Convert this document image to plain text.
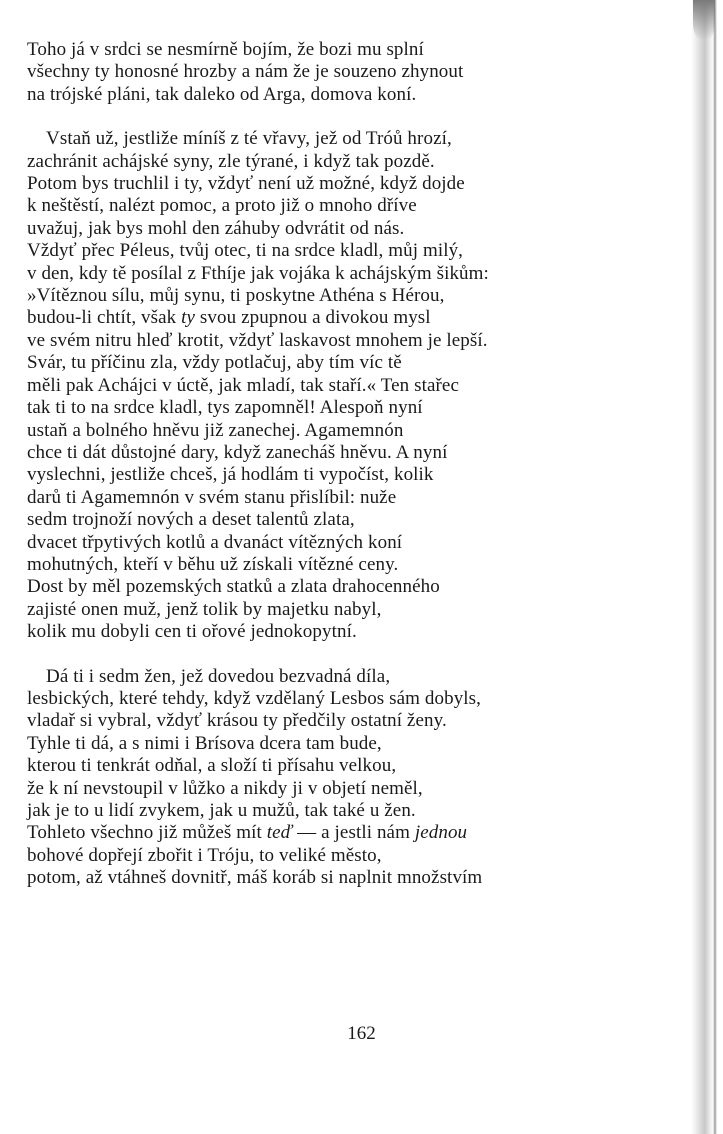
Toho já v srdci se nesmírně bojím, že bozi mu splní
všechny ty honosné hrozby a nám že je souzeno zhynout
na trójské pláni, tak daleko od Arga, domova koní.

Vstaň už, jestliže míníš z té vřavy, jež od Tróů hrozí,
zachránit achájské syny, zle týrané, i když tak pozdě.
Potom bys truchlil i ty, vždyť není už možné, když dojde
k neštěstí, nalézt pomoc, a proto již o mnoho dříve
uvažuj, jak bys mohl den záhuby odvrátit od nás.
Vždyť přec Péleus, tvůj otec, ti na srdce kladl, můj milý,
v den, kdy tě posílal z Fthíje jak vojáka k achájským šikům:
»Vítěznou sílu, můj synu, ti poskytne Athéna s Hérou,
budou-li chtít, však ty svou zpupnou a divokou mysl
ve svém nitru hleď krotit, vždyť laskavost mnohem je lepší.
Svár, tu příčinu zla, vždy potlačuj, aby tím víc tě
měli pak Achájci v úctě, jak mladí, tak staří.« Ten stařec
tak ti to na srdce kladl, tys zapomněl! Alespoň nyní
ustaň a bolného hněvu již zanechej. Agamemnón
chce ti dát důstojné dary, když zanecháš hněvu. A nyní
vyslechni, jestliže chceš, já hodlám ti vypočíst, kolik
darů ti Agamemnón v svém stanu přislíbil: nuže
sedm trojnoží nových a deset talentů zlata,
dvacet třpytivých kotlů a dvanáct vítězných koní
mohutných, kteří v běhu už získali vítězné ceny.
Dost by měl pozemských statků a zlata drahocenného
zajisté onen muž, jenž tolik by majetku nabyl,
kolik mu dobyli cen ti ořové jednokopytní.

Dá ti i sedm žen, jež dovedou bezvadná díla,
lesbických, které tehdy, když vzdělaný Lesbos sám dobyls,
vladař si vybral, vždyť krásou ty předčily ostatní ženy.
Tyhle ti dá, a s nimi i Brísova dcera tam bude,
kterou ti tenkrát odňal, a složí ti přísahu velkou,
že k ní nevstoupil v lůžko a nikdy ji v objetí neměl,
jak je to u lidí zvykem, jak u mužů, tak také u žen.
Tohleto všechno již můžeš mít teď — a jestli nám jednou
bohové dopřejí zbořit i Tróju, to veliké město,
potom, až vtáhneš dovnitř, máš koráb si naplnit množstvím

162
